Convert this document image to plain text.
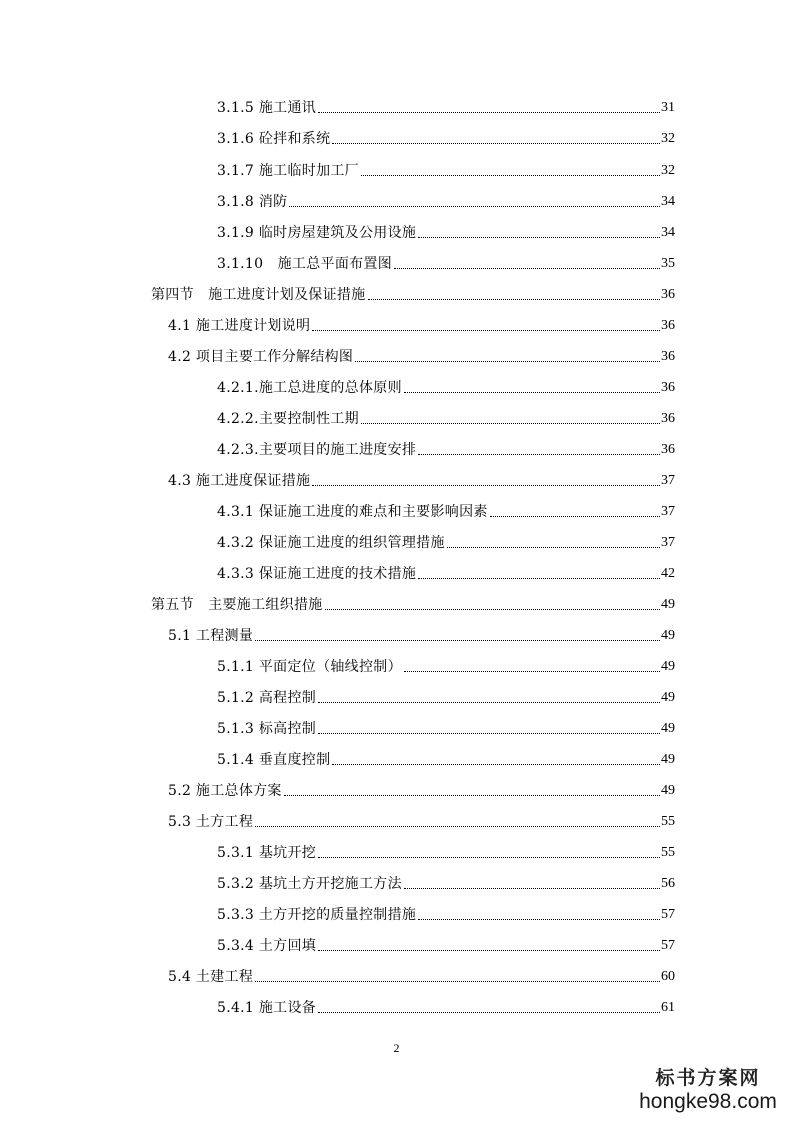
3.1.5 施工通讯	31
3.1.6 砼拌和系统	32
3.1.7 施工临时加工厂	32
3.1.8 消防	34
3.1.9 临时房屋建筑及公用设施	34
3.1.10　施工总平面布置图	35
第四节　施工进度计划及保证措施	36
4.1 施工进度计划说明	36
4.2 项目主要工作分解结构图	36
4.2.1.施工总进度的总体原则	36
4.2.2.主要控制性工期	36
4.2.3.主要项目的施工进度安排	36
4.3 施工进度保证措施	37
4.3.1 保证施工进度的难点和主要影响因素	37
4.3.2 保证施工进度的组织管理措施	37
4.3.3 保证施工进度的技术措施	42
第五节　主要施工组织措施	49
5.1 工程测量	49
5.1.1 平面定位（轴线控制）	49
5.1.2 高程控制	49
5.1.3 标高控制	49
5.1.4 垂直度控制	49
5.2 施工总体方案	49
5.3 土方工程	55
5.3.1 基坑开挖	55
5.3.2 基坑土方开挖施工方法	56
5.3.3 土方开挖的质量控制措施	57
5.3.4 土方回填	57
5.4 土建工程	60
5.4.1 施工设备	61
2
标书方案网
hongke98.com
